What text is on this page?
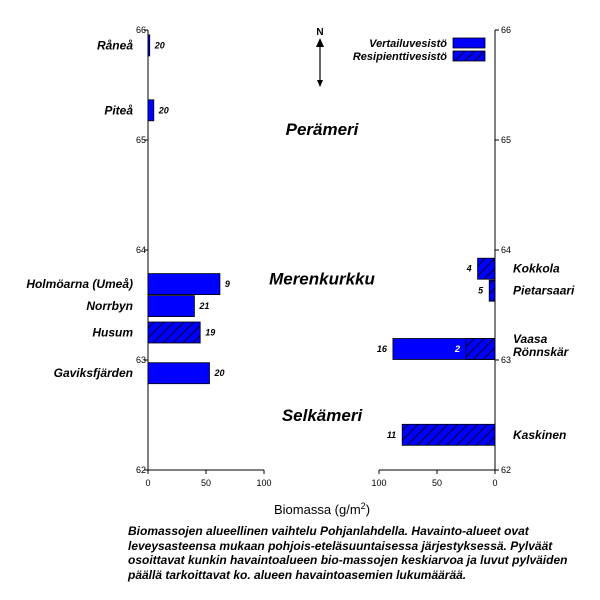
62	62
63	63
64	64
65	65
66	66
0	50	100	100	50	0
Biomassa $(g/m^2)$
20
Råneå
20
Piteå
9
Holmöarna (Umeå)
21
Norrbyn
19
Husum
20
Gaviksfjärden
4
5
16	2
11
Kokkola
Pietarsaari
Vaasa
Rönnskär
Kaskinen
Perämeri
Merenkurkku
Selkämeri
N
Vertailuvesistö
Resipienttivesistö

Biomassojen alueellinen vaihtelu Pohjanlahdella. Havainto-alueet ovat leveysasteensa mukaan pohjois-eteläsuuntaisessa järjestyksessä. Pylväät osoittavat kunkin havaintoalueen bio-massojen keskiarvoa ja luvut pylväiden päällä tarkoittavat ko. alueen havaintoasemien lukumäärää.
